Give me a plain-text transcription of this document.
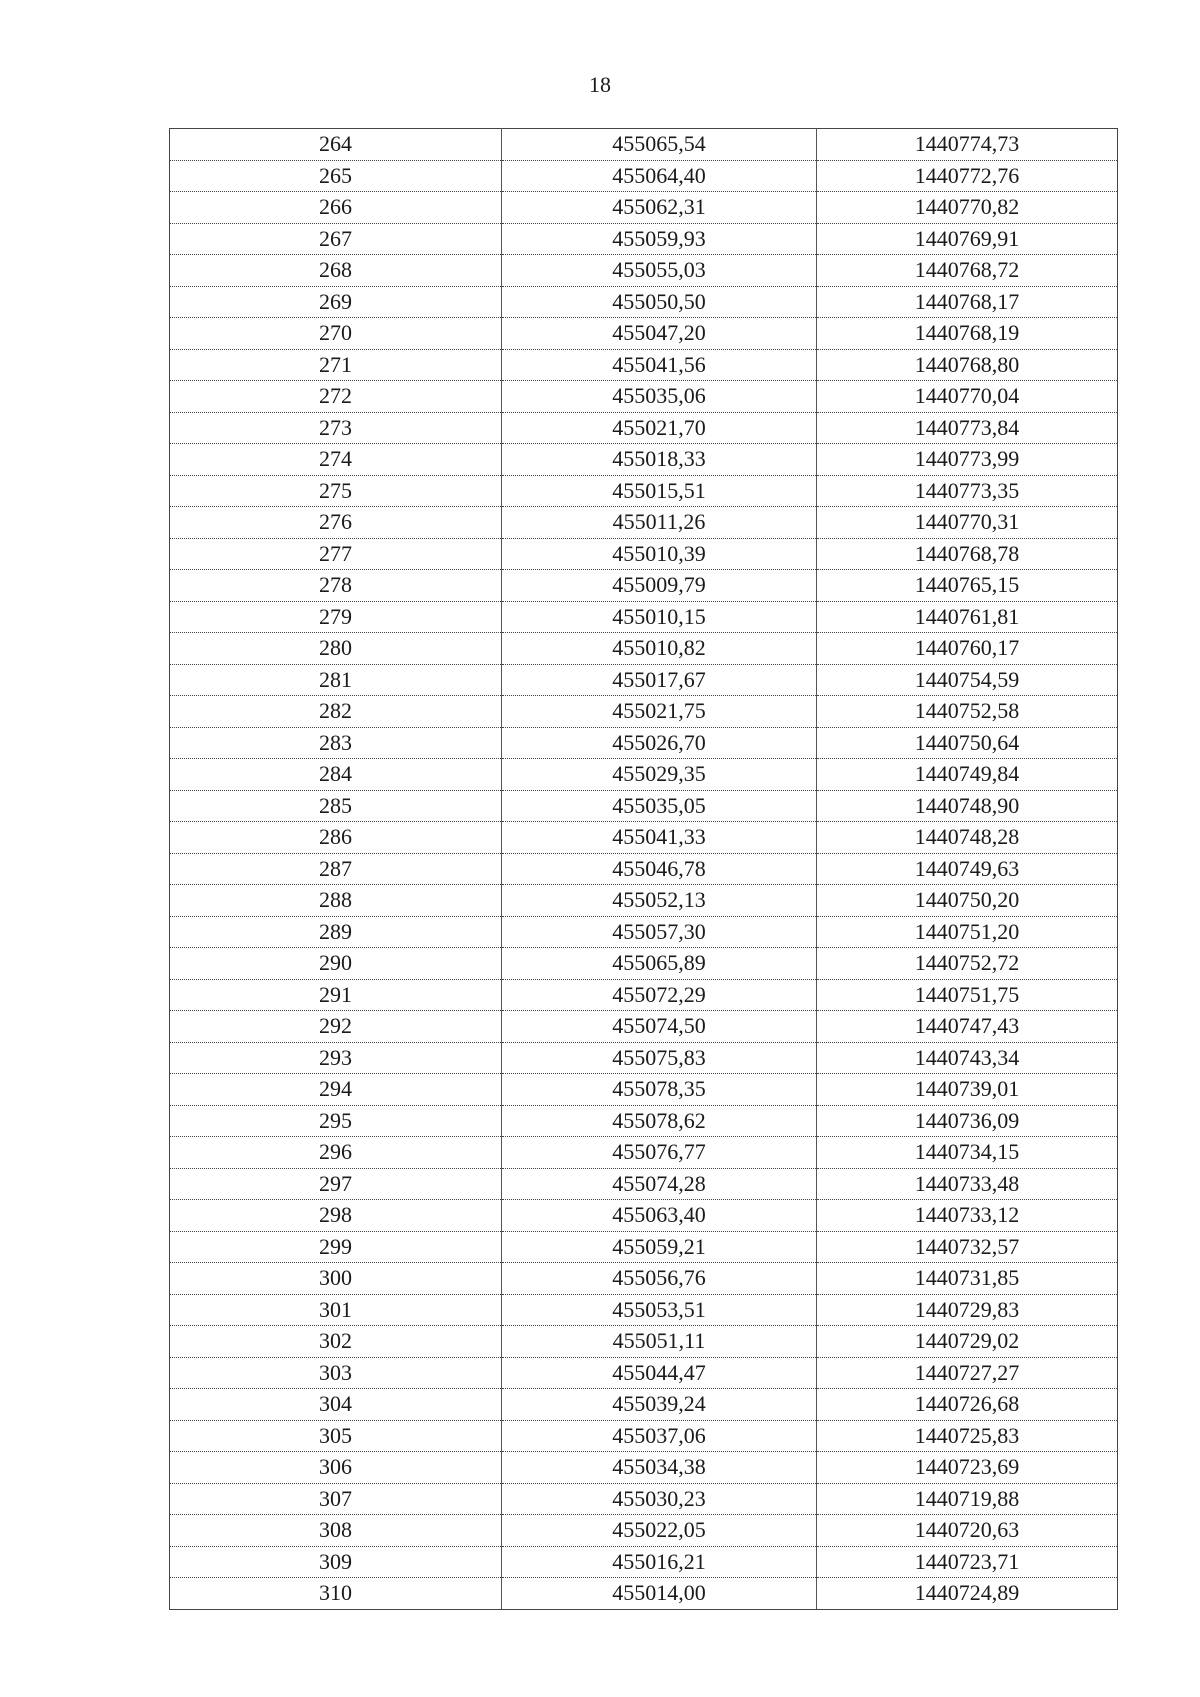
18
264	455065,54	1440774,73
265	455064,40	1440772,76
266	455062,31	1440770,82
267	455059,93	1440769,91
268	455055,03	1440768,72
269	455050,50	1440768,17
270	455047,20	1440768,19
271	455041,56	1440768,80
272	455035,06	1440770,04
273	455021,70	1440773,84
274	455018,33	1440773,99
275	455015,51	1440773,35
276	455011,26	1440770,31
277	455010,39	1440768,78
278	455009,79	1440765,15
279	455010,15	1440761,81
280	455010,82	1440760,17
281	455017,67	1440754,59
282	455021,75	1440752,58
283	455026,70	1440750,64
284	455029,35	1440749,84
285	455035,05	1440748,90
286	455041,33	1440748,28
287	455046,78	1440749,63
288	455052,13	1440750,20
289	455057,30	1440751,20
290	455065,89	1440752,72
291	455072,29	1440751,75
292	455074,50	1440747,43
293	455075,83	1440743,34
294	455078,35	1440739,01
295	455078,62	1440736,09
296	455076,77	1440734,15
297	455074,28	1440733,48
298	455063,40	1440733,12
299	455059,21	1440732,57
300	455056,76	1440731,85
301	455053,51	1440729,83
302	455051,11	1440729,02
303	455044,47	1440727,27
304	455039,24	1440726,68
305	455037,06	1440725,83
306	455034,38	1440723,69
307	455030,23	1440719,88
308	455022,05	1440720,63
309	455016,21	1440723,71
310	455014,00	1440724,89
